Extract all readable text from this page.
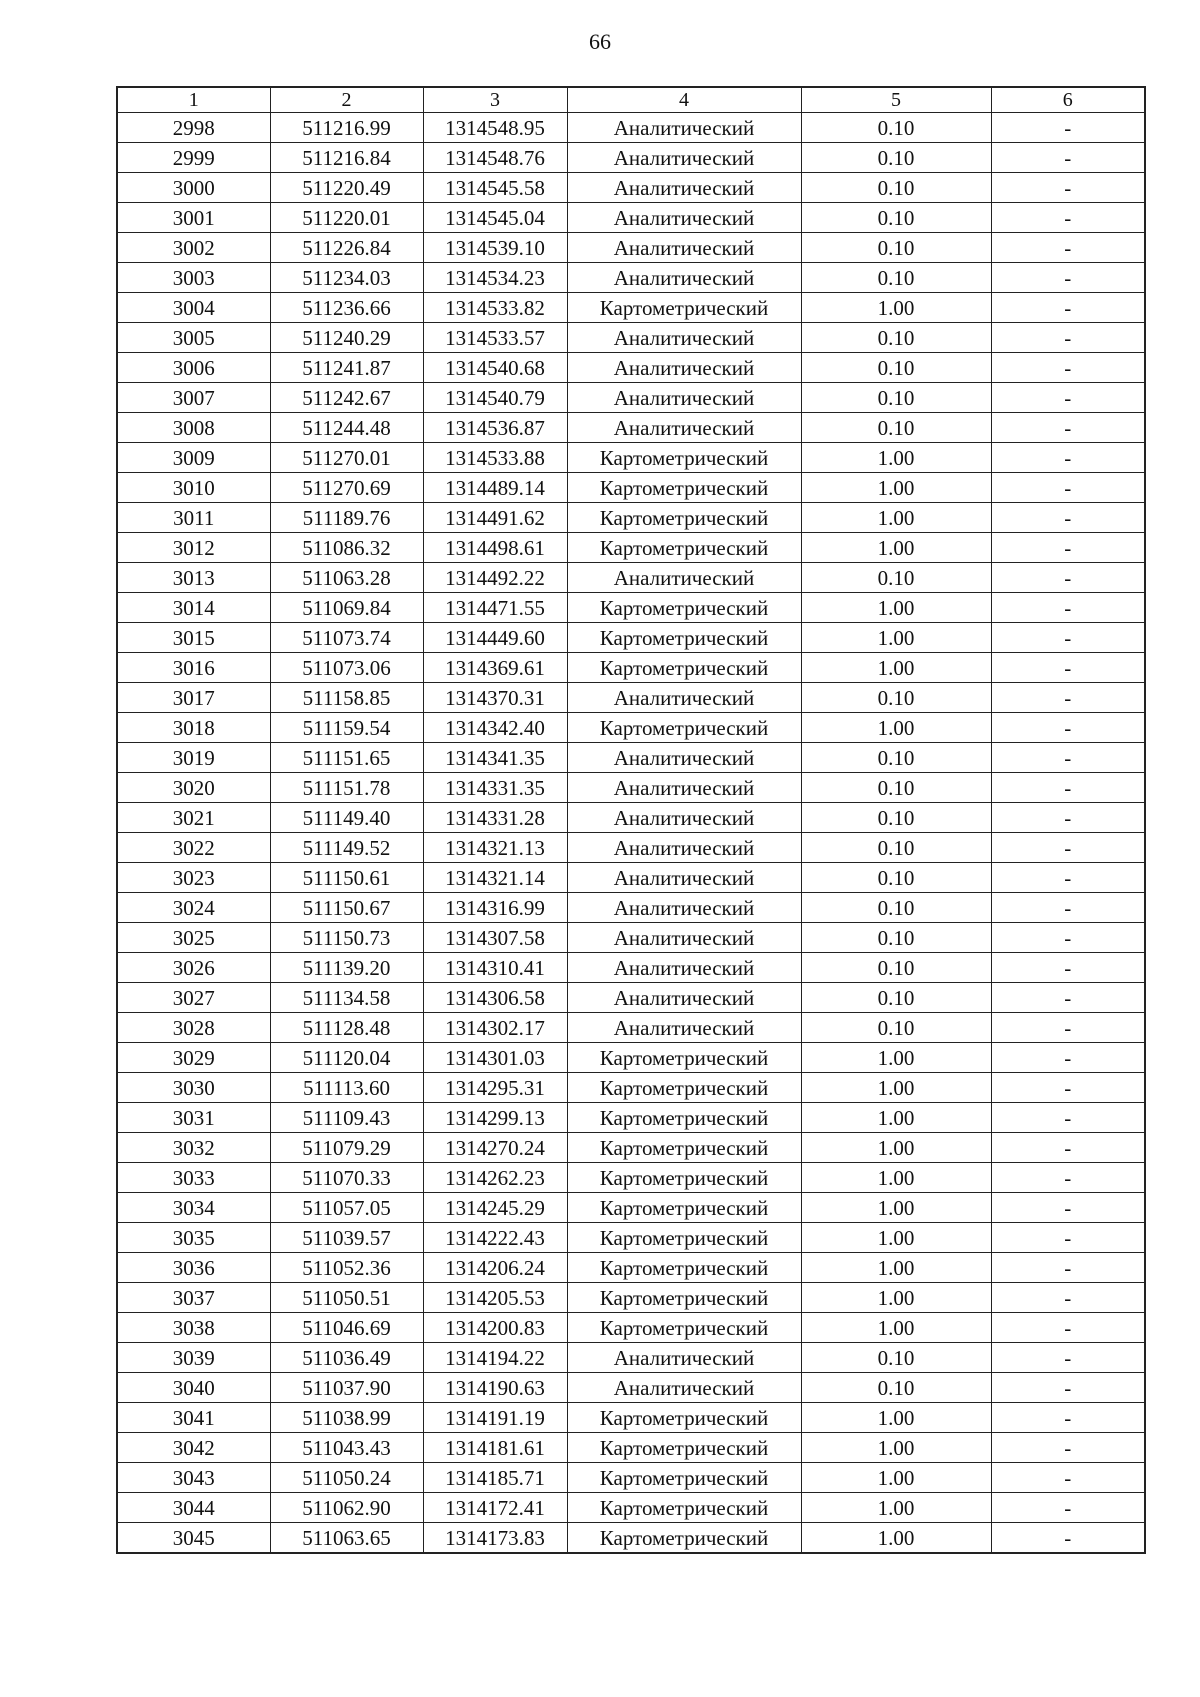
66
1	2	3	4	5	6
2998	511216.99	1314548.95	Аналитический	0.10	-
2999	511216.84	1314548.76	Аналитический	0.10	-
3000	511220.49	1314545.58	Аналитический	0.10	-
3001	511220.01	1314545.04	Аналитический	0.10	-
3002	511226.84	1314539.10	Аналитический	0.10	-
3003	511234.03	1314534.23	Аналитический	0.10	-
3004	511236.66	1314533.82	Картометрический	1.00	-
3005	511240.29	1314533.57	Аналитический	0.10	-
3006	511241.87	1314540.68	Аналитический	0.10	-
3007	511242.67	1314540.79	Аналитический	0.10	-
3008	511244.48	1314536.87	Аналитический	0.10	-
3009	511270.01	1314533.88	Картометрический	1.00	-
3010	511270.69	1314489.14	Картометрический	1.00	-
3011	511189.76	1314491.62	Картометрический	1.00	-
3012	511086.32	1314498.61	Картометрический	1.00	-
3013	511063.28	1314492.22	Аналитический	0.10	-
3014	511069.84	1314471.55	Картометрический	1.00	-
3015	511073.74	1314449.60	Картометрический	1.00	-
3016	511073.06	1314369.61	Картометрический	1.00	-
3017	511158.85	1314370.31	Аналитический	0.10	-
3018	511159.54	1314342.40	Картометрический	1.00	-
3019	511151.65	1314341.35	Аналитический	0.10	-
3020	511151.78	1314331.35	Аналитический	0.10	-
3021	511149.40	1314331.28	Аналитический	0.10	-
3022	511149.52	1314321.13	Аналитический	0.10	-
3023	511150.61	1314321.14	Аналитический	0.10	-
3024	511150.67	1314316.99	Аналитический	0.10	-
3025	511150.73	1314307.58	Аналитический	0.10	-
3026	511139.20	1314310.41	Аналитический	0.10	-
3027	511134.58	1314306.58	Аналитический	0.10	-
3028	511128.48	1314302.17	Аналитический	0.10	-
3029	511120.04	1314301.03	Картометрический	1.00	-
3030	511113.60	1314295.31	Картометрический	1.00	-
3031	511109.43	1314299.13	Картометрический	1.00	-
3032	511079.29	1314270.24	Картометрический	1.00	-
3033	511070.33	1314262.23	Картометрический	1.00	-
3034	511057.05	1314245.29	Картометрический	1.00	-
3035	511039.57	1314222.43	Картометрический	1.00	-
3036	511052.36	1314206.24	Картометрический	1.00	-
3037	511050.51	1314205.53	Картометрический	1.00	-
3038	511046.69	1314200.83	Картометрический	1.00	-
3039	511036.49	1314194.22	Аналитический	0.10	-
3040	511037.90	1314190.63	Аналитический	0.10	-
3041	511038.99	1314191.19	Картометрический	1.00	-
3042	511043.43	1314181.61	Картометрический	1.00	-
3043	511050.24	1314185.71	Картометрический	1.00	-
3044	511062.90	1314172.41	Картометрический	1.00	-
3045	511063.65	1314173.83	Картометрический	1.00	-
